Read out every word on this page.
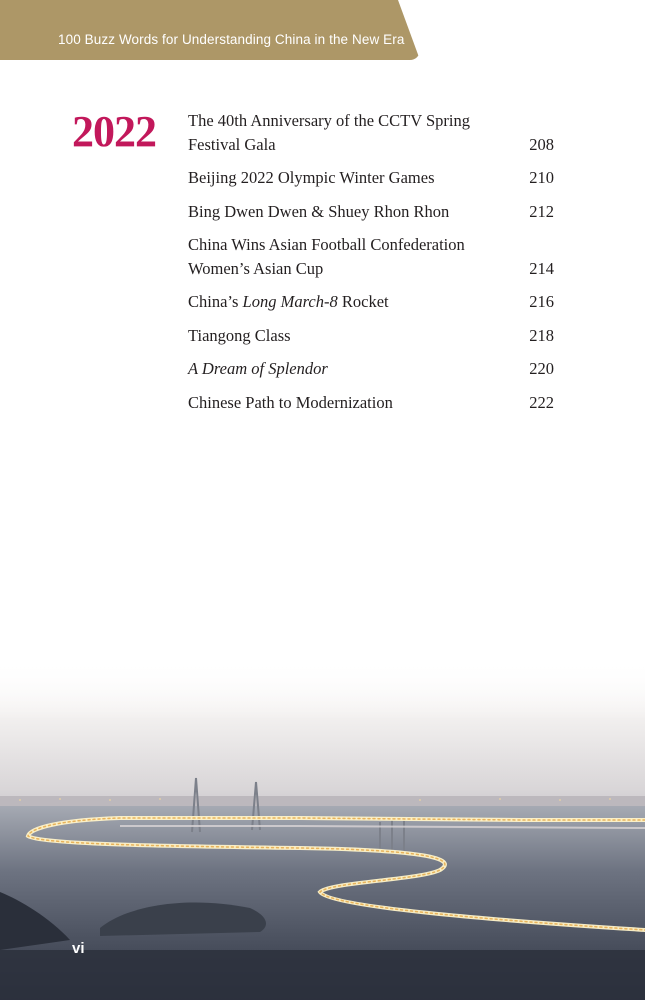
100 Buzz Words for Understanding China in the New Era
2022 The 40th Anniversary of the CCTV Spring
Festival Gala	208
Beijing 2022 Olympic Winter Games	210
Bing Dwen Dwen & Shuey Rhon Rhon	212
China Wins Asian Football Confederation
Women’s Asian Cup	214
China’s Long March-8 Rocket	216
Tiangong Class	218
A Dream of Splendor	220
Chinese Path to Modernization	222
vi
